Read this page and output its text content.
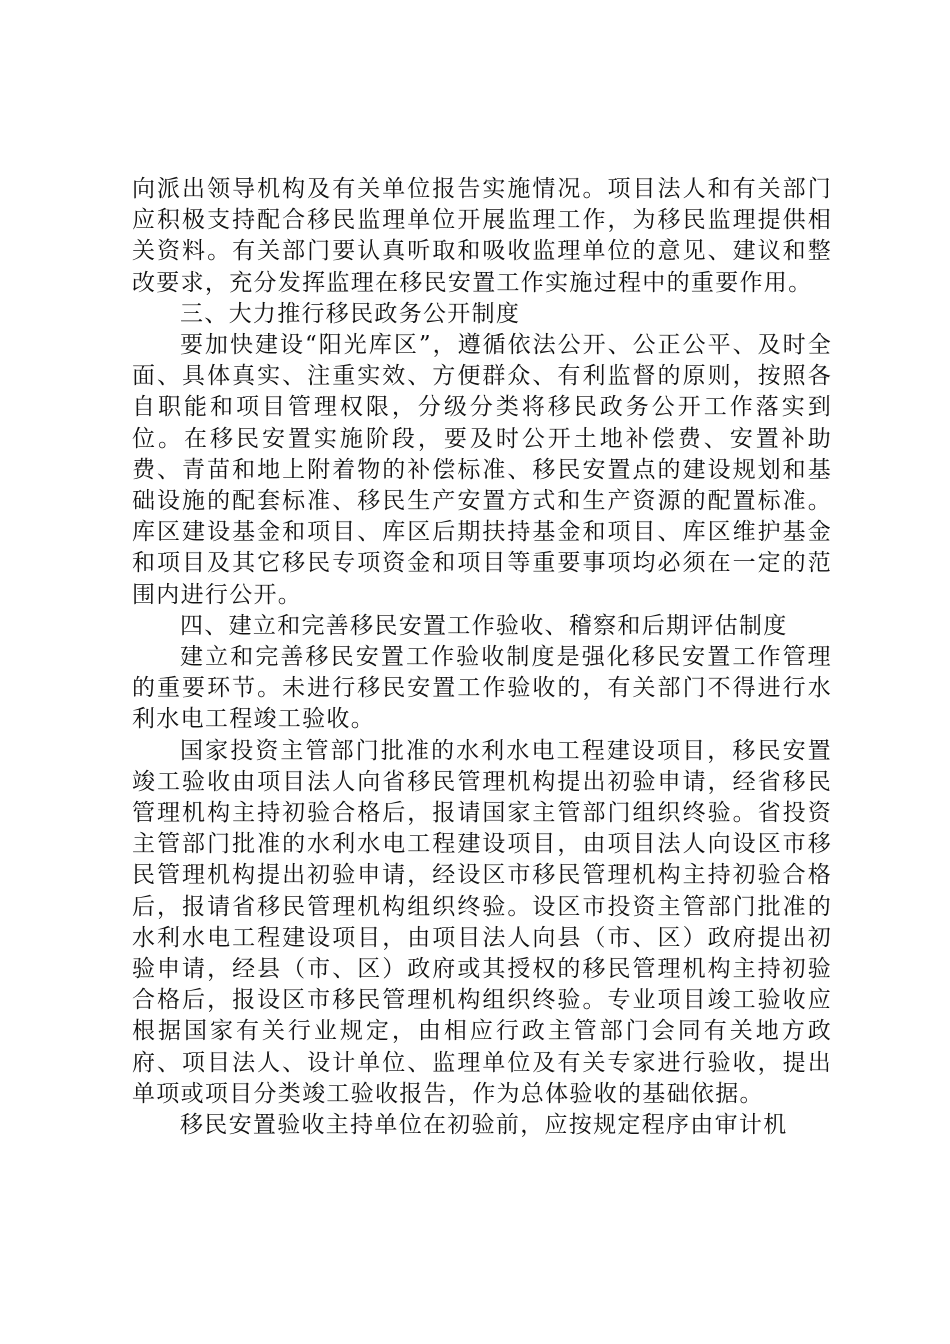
向派出领导机构及有关单位报告实施情况。项目法人和有关部门应积极支持配合移民监理单位开展监理工作，为移民监理提供相关资料。有关部门要认真听取和吸收监理单位的意见、建议和整改要求，充分发挥监理在移民安置工作实施过程中的重要作用。

三、大力推行移民政务公开制度

要加快建设“阳光库区”，遵循依法公开、公正公平、及时全面、具体真实、注重实效、方便群众、有利监督的原则，按照各自职能和项目管理权限，分级分类将移民政务公开工作落实到位。在移民安置实施阶段，要及时公开土地补偿费、安置补助费、青苗和地上附着物的补偿标准、移民安置点的建设规划和基础设施的配套标准、移民生产安置方式和生产资源的配置标准。库区建设基金和项目、库区后期扶持基金和项目、库区维护基金和项目及其它移民专项资金和项目等重要事项均必须在一定的范围内进行公开。

四、建立和完善移民安置工作验收、稽察和后期评估制度

建立和完善移民安置工作验收制度是强化移民安置工作管理的重要环节。未进行移民安置工作验收的，有关部门不得进行水利水电工程竣工验收。

国家投资主管部门批准的水利水电工程建设项目，移民安置竣工验收由项目法人向省移民管理机构提出初验申请，经省移民管理机构主持初验合格后，报请国家主管部门组织终验。省投资主管部门批准的水利水电工程建设项目，由项目法人向设区市移民管理机构提出初验申请，经设区市移民管理机构主持初验合格后，报请省移民管理机构组织终验。设区市投资主管部门批准的水利水电工程建设项目，由项目法人向县（市、区）政府提出初验申请，经县（市、区）政府或其授权的移民管理机构主持初验合格后，报设区市移民管理机构组织终验。专业项目竣工验收应根据国家有关行业规定，由相应行政主管部门会同有关地方政府、项目法人、设计单位、监理单位及有关专家进行验收，提出单项或项目分类竣工验收报告，作为总体验收的基础依据。

移民安置验收主持单位在初验前，应按规定程序由审计机
